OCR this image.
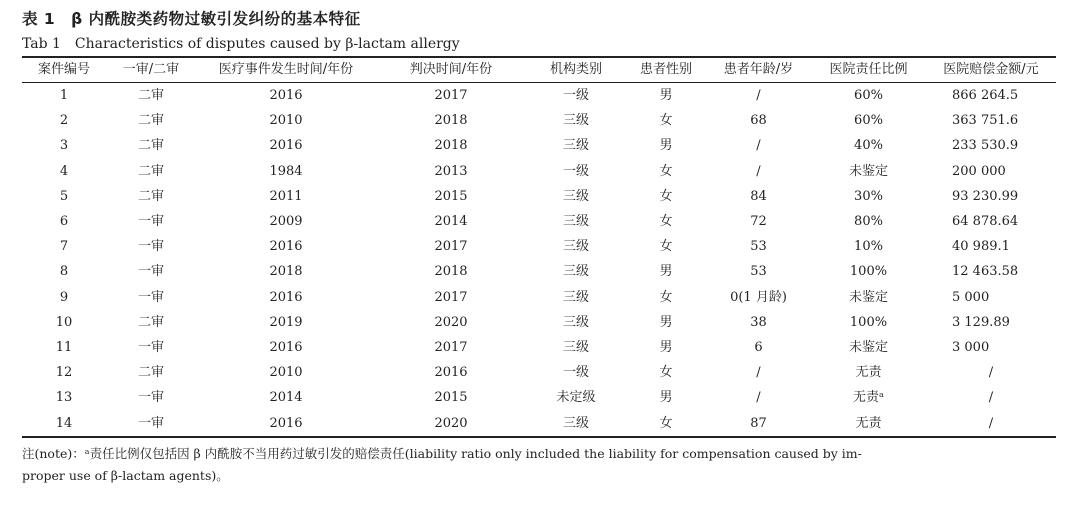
表 1　β 内酰胺类药物过敏引发纠纷的基本特征
Tab 1　Characteristics of disputes caused by β-lactam allergy
案件编号	一审/二审	医疗事件发生时间/年份	判决时间/年份	机构类别	患者性别	患者年龄/岁	医院责任比例	医院赔偿金额/元
1	二审	2016	2017	一级	男	/	60%	866 264.5
2	二审	2010	2018	三级	女	68	60%	363 751.6
3	二审	2016	2018	三级	男	/	40%	233 530.9
4	二审	1984	2013	一级	女	/	未鉴定	200 000
5	二审	2011	2015	三级	女	84	30%	93 230.99
6	一审	2009	2014	三级	女	72	80%	64 878.64
7	一审	2016	2017	三级	女	53	10%	40 989.1
8	一审	2018	2018	三级	男	53	100%	12 463.58
9	一审	2016	2017	三级	女	0(1 月龄)	未鉴定	5 000
10	二审	2019	2020	三级	男	38	100%	3 129.89
11	一审	2016	2017	三级	男	6	未鉴定	3 000
12	二审	2010	2016	一级	女	/	无责	/
13	一审	2014	2015	未定级	男	/	无责ᵃ	/
14	一审	2016	2020	三级	女	87	无责	/
注(note)：ᵃ责任比例仅包括因 β 内酰胺不当用药过敏引发的赔偿责任(liability ratio only included the liability for compensation caused by im-
proper use of β-lactam agents)。
